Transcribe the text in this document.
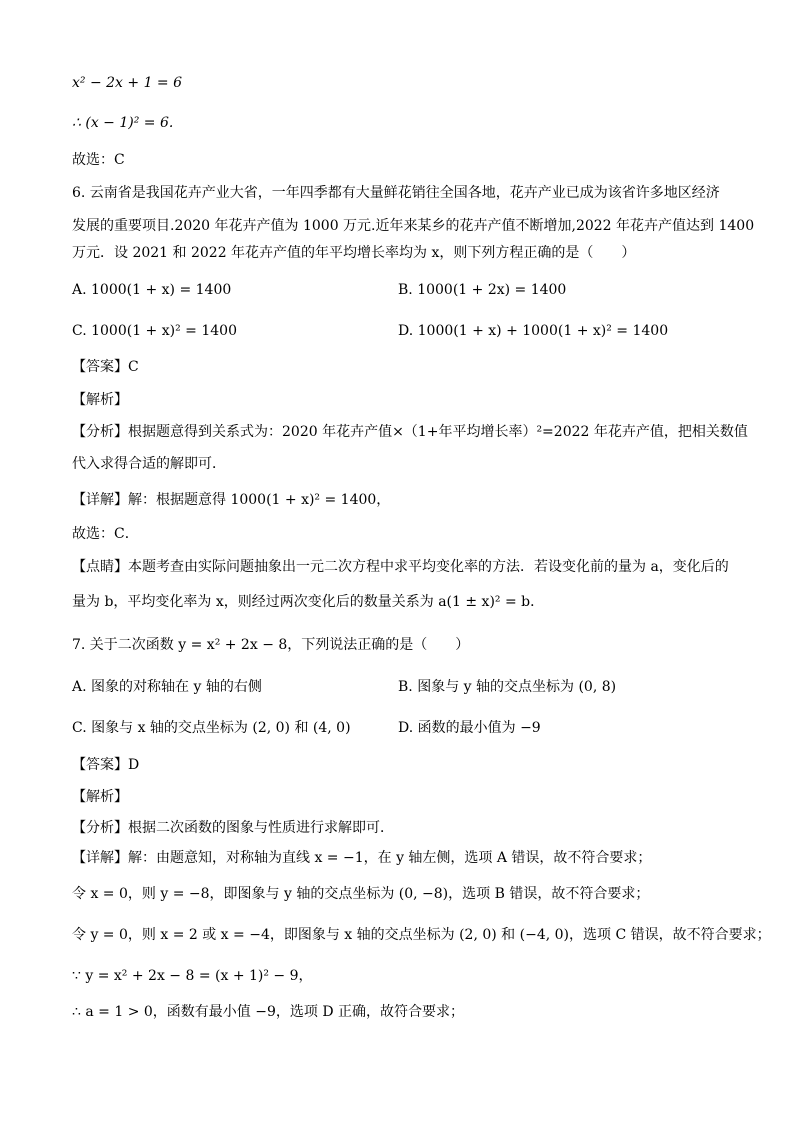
x² − 2x + 1 = 6
∴ (x − 1)² = 6.
故选：C
6. 云南省是我国花卉产业大省，一年四季都有大量鲜花销往全国各地，花卉产业已成为该省许多地区经济
发展的重要项目.2020 年花卉产值为 1000 万元.近年来某乡的花卉产值不断增加,2022 年花卉产值达到 1400
万元．设 2021 和 2022 年花卉产值的年平均增长率均为 x，则下列方程正确的是（　　）
A. 1000(1 + x) = 1400	B. 1000(1 + 2x) = 1400
C. 1000(1 + x)² = 1400	D. 1000(1 + x) + 1000(1 + x)² = 1400
【答案】C
【解析】
【分析】根据题意得到关系式为：2020 年花卉产值×（1+年平均增长率）²=2022 年花卉产值，把相关数值
代入求得合适的解即可．
【详解】解：根据题意得 1000(1 + x)² = 1400，
故选：C．
【点睛】本题考查由实际问题抽象出一元二次方程中求平均变化率的方法．若设变化前的量为 a，变化后的
量为 b，平均变化率为 x，则经过两次变化后的数量关系为 a(1 ± x)² = b．
7. 关于二次函数 y = x² + 2x − 8，下列说法正确的是（　　）
A. 图象的对称轴在 y 轴的右侧	B. 图象与 y 轴的交点坐标为 (0, 8)
C. 图象与 x 轴的交点坐标为 (2, 0) 和 (4, 0)	D. 函数的最小值为 −9
【答案】D
【解析】
【分析】根据二次函数的图象与性质进行求解即可．
【详解】解：由题意知，对称轴为直线 x = −1，在 y 轴左侧，选项 A 错误，故不符合要求；
令 x = 0，则 y = −8，即图象与 y 轴的交点坐标为 (0, −8)，选项 B 错误，故不符合要求；
令 y = 0，则 x = 2 或 x = −4，即图象与 x 轴的交点坐标为 (2, 0) 和 (−4, 0)，选项 C 错误，故不符合要求；
∵ y = x² + 2x − 8 = (x + 1)² − 9，
∴ a = 1 > 0，函数有最小值 −9，选项 D 正确，故符合要求；
